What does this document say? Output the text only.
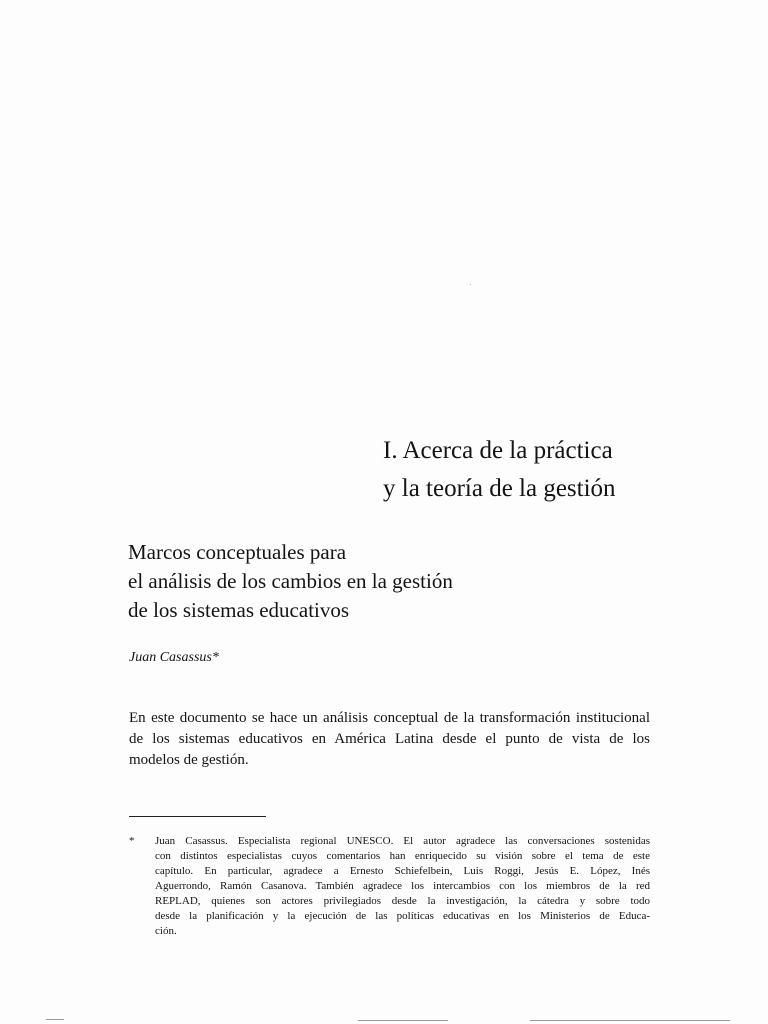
I. Acerca de la práctica
y la teoría de la gestión
Marcos conceptuales para
el análisis de los cambios en la gestión
de los sistemas educativos
Juan Casassus*
En este documento se hace un análisis conceptual de la transformación institucional
de los sistemas educativos en América Latina desde el punto de vista de los
modelos de gestión.
* Juan Casassus. Especialista regional UNESCO. El autor agradece las conversaciones sostenidas
con distintos especialistas cuyos comentarios han enriquecido su visión sobre el tema de este
capítulo. En particular, agradece a Ernesto Schiefelbein, Luis Roggi, Jesús E. López, Inés
Aguerrondo, Ramón Casanova. También agradece los intercambios con los miembros de la red
REPLAD, quienes son actores privilegiados desde la investigación, la cátedra y sobre todo
desde la planificación y la ejecución de las políticas educativas en los Ministerios de Educa-
ción.
